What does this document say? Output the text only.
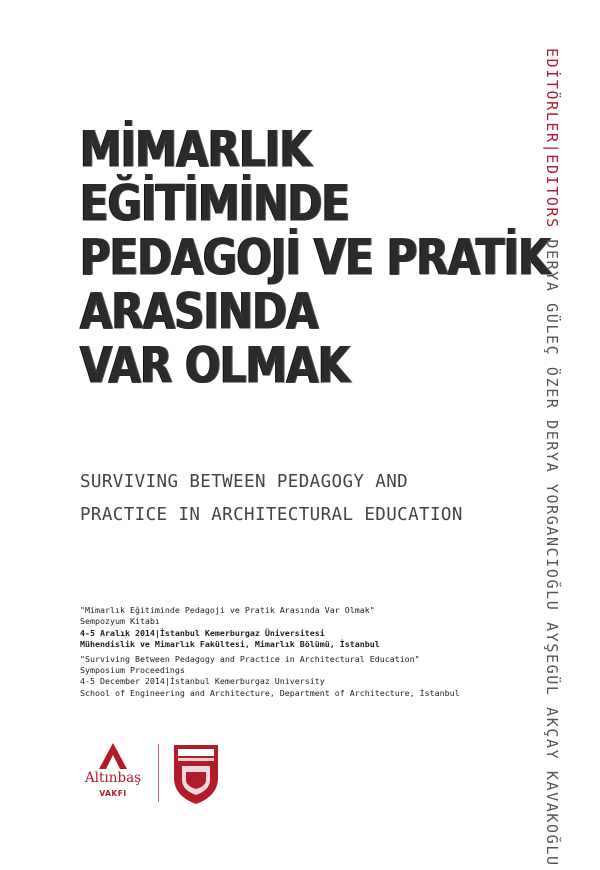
MİMARLIK
EĞİTİMİNDE
PEDAGOJİ VE PRATİK
ARASINDA
VAR OLMAK
SURVIVING BETWEEN PEDAGOGY AND
PRACTICE IN ARCHITECTURAL EDUCATION
"Mimarlık Eğitiminde Pedagoji ve Pratik Arasında Var Olmak"
Sempozyum Kitabı
4-5 Aralık 2014|İstanbul Kemerburgaz Üniversitesi
Mühendislik ve Mimarlık Fakültesi, Mimarlık Bölümü, İstanbul
"Surviving Between Pedagogy and Practice in Architectural Education"
Symposium Proceedings
4-5 December 2014|İstanbul Kemerburgaz University
School of Engineering and Architecture, Department of Architecture, İstanbul
EDİTÖRLER|EDITORS DERYA GÜLEÇ ÖZER DERYA YORGANCIOĞLU AYŞEGÜL AKÇAY KAVAKOĞLU
Altınbaş
VAKFI
